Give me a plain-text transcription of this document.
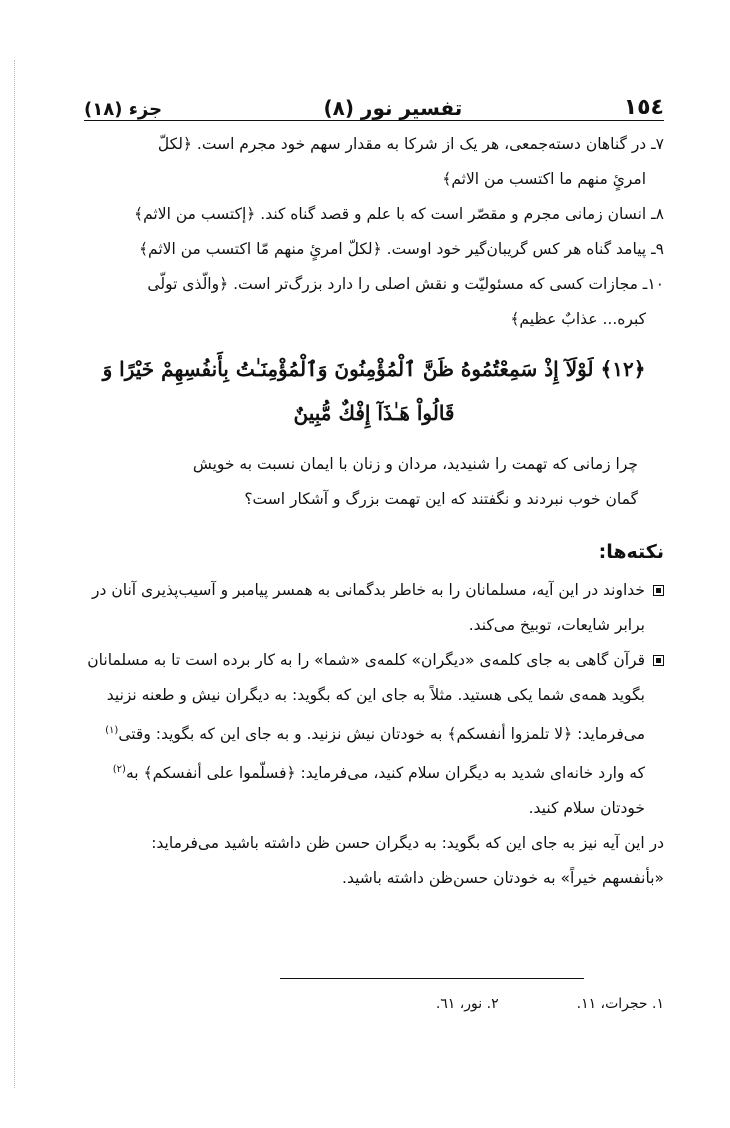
١٥٤
تفسیر نور (٨)
جزء (١٨)
٧ـ در گناهان دسته‌جمعی، هر یک از شرکا به مقدار سهم خود مجرم است. ﴿لکلّ
امرئٍ منهم ما اکتسب من الاثم﴾
٨ـ انسان زمانی مجرم و مقصّر است که با علم و قصد گناه کند. ﴿إکتسب من الاثم﴾
٩ـ پیامد گناه هر کس گریبان‌گیر خود اوست. ﴿لکلّ امرئٍ منهم مّا اکتسب من الاثم﴾
١٠ـ مجازات کسی که مسئولیّت و نقش اصلی را دارد بزرگ‌تر است. ﴿والّذی تولّی
کبره... عذابٌ عظیم﴾
﴿١٢﴾ لَوْلَآ إِذْ سَمِعْتُمُوهُ ظَنَّ ٱلْمُؤْمِنُونَ وَٱلْمُؤْمِنَـٰتُ بِأَنفُسِهِمْ خَيْرًا وَ
قَالُواْ هَـٰذَآ إِفْكٌ مُّبِينٌ
چرا زمانی که تهمت را شنیدید، مردان و زنان با ایمان نسبت به خویش
گمان خوب نبردند و نگفتند که این تهمت بزرگ و آشکار است؟
نکته‌ها:
خداوند در این آیه، مسلمانان را به خاطر بدگمانی به همسر پیامبر و آسیب‌پذیری آنان در
برابر شایعات، توبیخ می‌کند.
قرآن گاهی به جای کلمه‌ی «دیگران» کلمه‌ی «شما» را به کار برده است تا به مسلمانان
بگوید همه‌ی شما یکی هستید. مثلاً به جای این که بگوید: به دیگران نیش و طعنه نزنید
می‌فرماید: ﴿لا تلمزوا أنفسکم﴾ به خودتان نیش نزنید. و به جای این که بگوید: وقتی$^{(١)}$
که وارد خانه‌ای شدید به دیگران سلام کنید، می‌فرماید: ﴿فسلّموا علی أنفسکم﴾ به$^{(٢)}$
خودتان سلام کنید.
در این آیه نیز به جای این که بگوید: به دیگران حسن ظن داشته باشید می‌فرماید:
«بأنفسهم خیراً» به خودتان حسن‌ظن داشته باشید.
١. حجرات، ١١.
٢. نور، ٦١.
